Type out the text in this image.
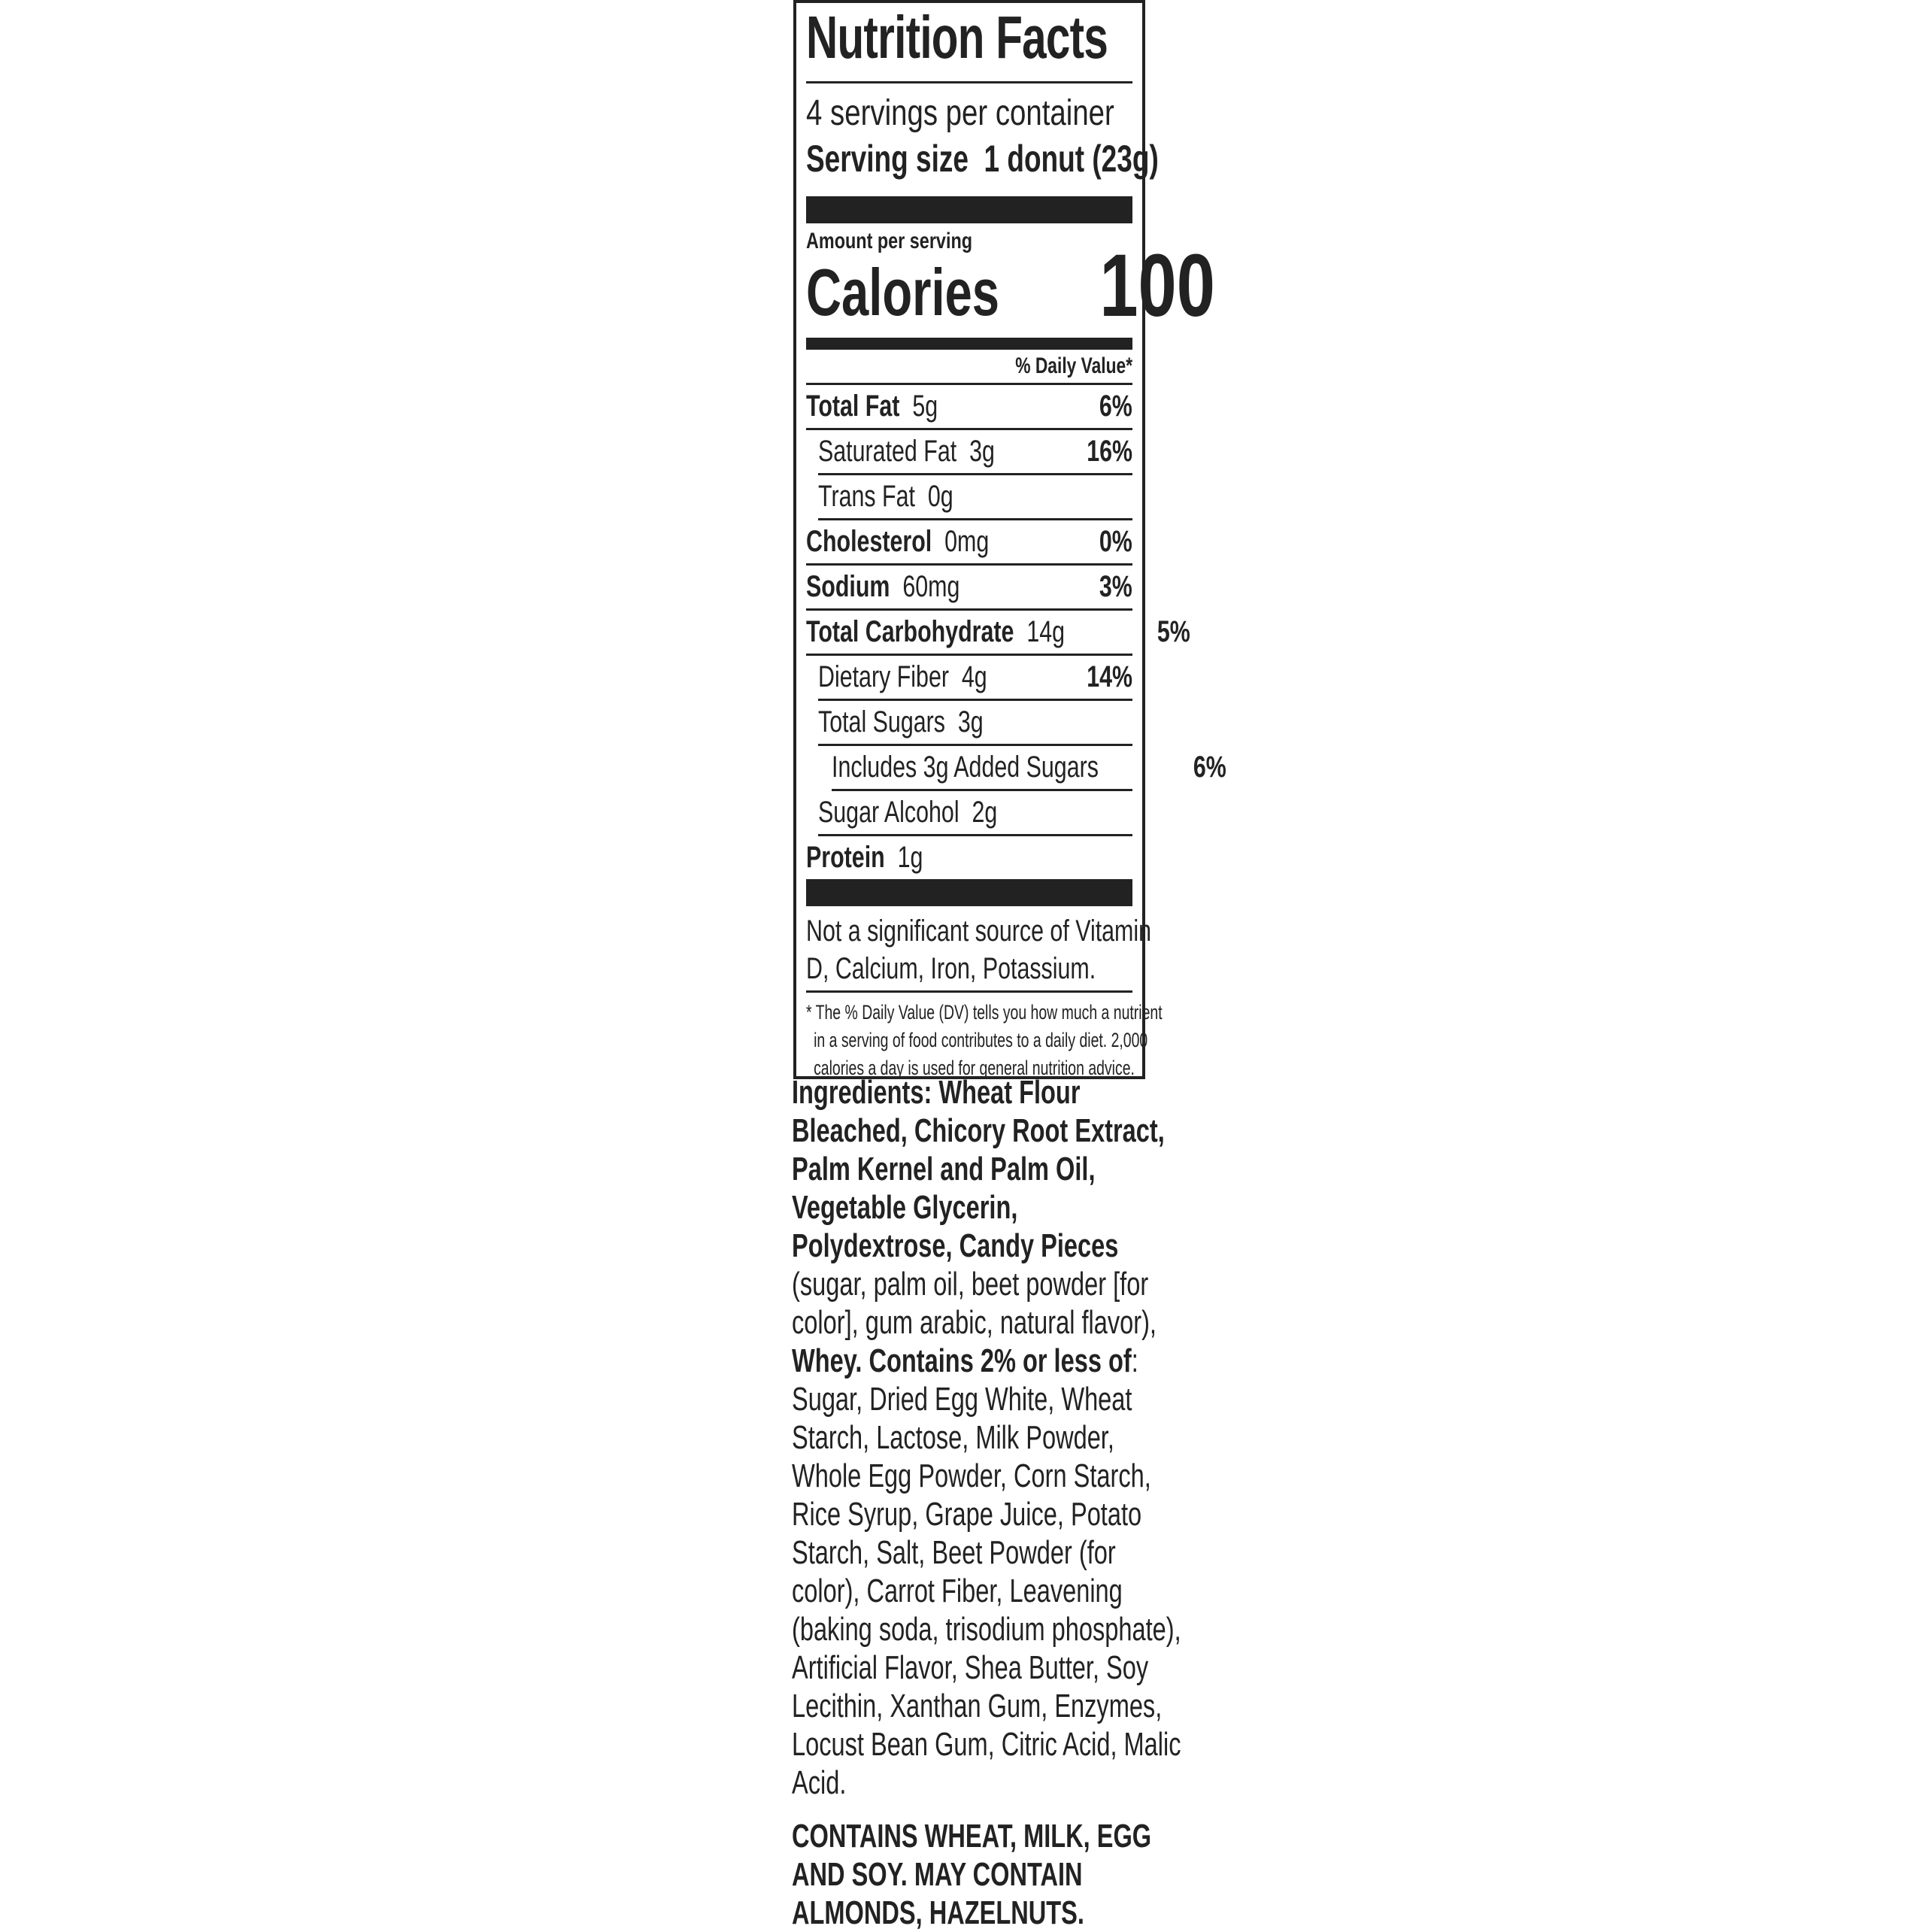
Nutrition Facts
4 servings per container
Serving size 1 donut (23g)
Amount per serving
Calories	100
% Daily Value*
Total Fat 5g	6%
Saturated Fat 3g	16%
Trans Fat 0g
Cholesterol 0mg	0%
Sodium 60mg	3%
Total Carbohydrate 14g	5%
Dietary Fiber 4g	14%
Total Sugars 3g
Includes 3g Added Sugars	6%
Sugar Alcohol 2g
Protein 1g
Not a significant source of Vitamin
D, Calcium, Iron, Potassium.
* The % Daily Value (DV) tells you how much a nutrient
in a serving of food contributes to a daily diet. 2,000
calories a day is used for general nutrition advice.
Ingredients: Wheat Flour
Bleached, Chicory Root Extract,
Palm Kernel and Palm Oil,
Vegetable Glycerin,
Polydextrose, Candy Pieces
(sugar, palm oil, beet powder [for
color], gum arabic, natural flavor),
Whey. Contains 2% or less of:
Sugar, Dried Egg White, Wheat
Starch, Lactose, Milk Powder,
Whole Egg Powder, Corn Starch,
Rice Syrup, Grape Juice, Potato
Starch, Salt, Beet Powder (for
color), Carrot Fiber, Leavening
(baking soda, trisodium phosphate),
Artificial Flavor, Shea Butter, Soy
Lecithin, Xanthan Gum, Enzymes,
Locust Bean Gum, Citric Acid, Malic
Acid.
CONTAINS WHEAT, MILK, EGG
AND SOY. MAY CONTAIN
ALMONDS, HAZELNUTS.
